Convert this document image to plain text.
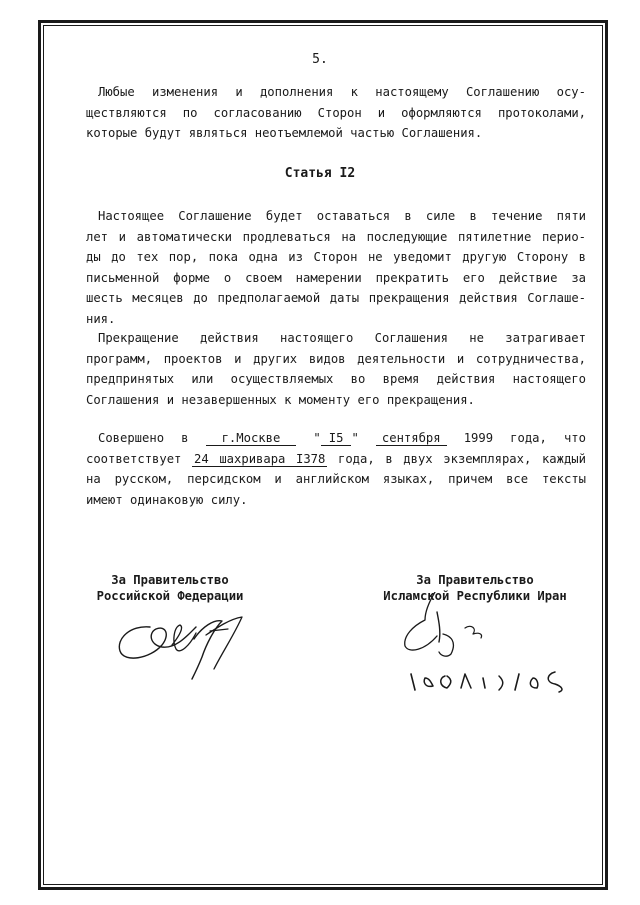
5.
Любые изменения и дополнения к настоящему Соглашению осу-
ществляются по согласованию Сторон и оформляются протоколами,
которые будут являться неотъемлемой частью Соглашения.
Статья I2
Настоящее Соглашение будет оставаться в силе в течение пяти
лет и автоматически продлеваться на последующие пятилетние перио-
ды до тех пор, пока одна из Сторон не уведомит другую Сторону в
письменной форме о своем намерении прекратить его действие за
шесть месяцев до предполагаемой даты прекращения действия Соглаше-
ния.
Прекращение действия настоящего Соглашения не затрагивает
программ, проектов и других видов деятельности и сотрудничества,
предпринятых или осуществляемых во время действия настоящего
Соглашения и незавершенных к моменту его прекращения.
Совершено в	г.Москве " I5 " сентября 1999 года, что
соответствует 24 шахривара I378 года, в двух экземплярах, каждый
на русском, персидском и английском языках, причем все тексты
имеют одинаковую силу.
За Правительство
Российской Федерации
За Правительство
Исламской Республики Иран
